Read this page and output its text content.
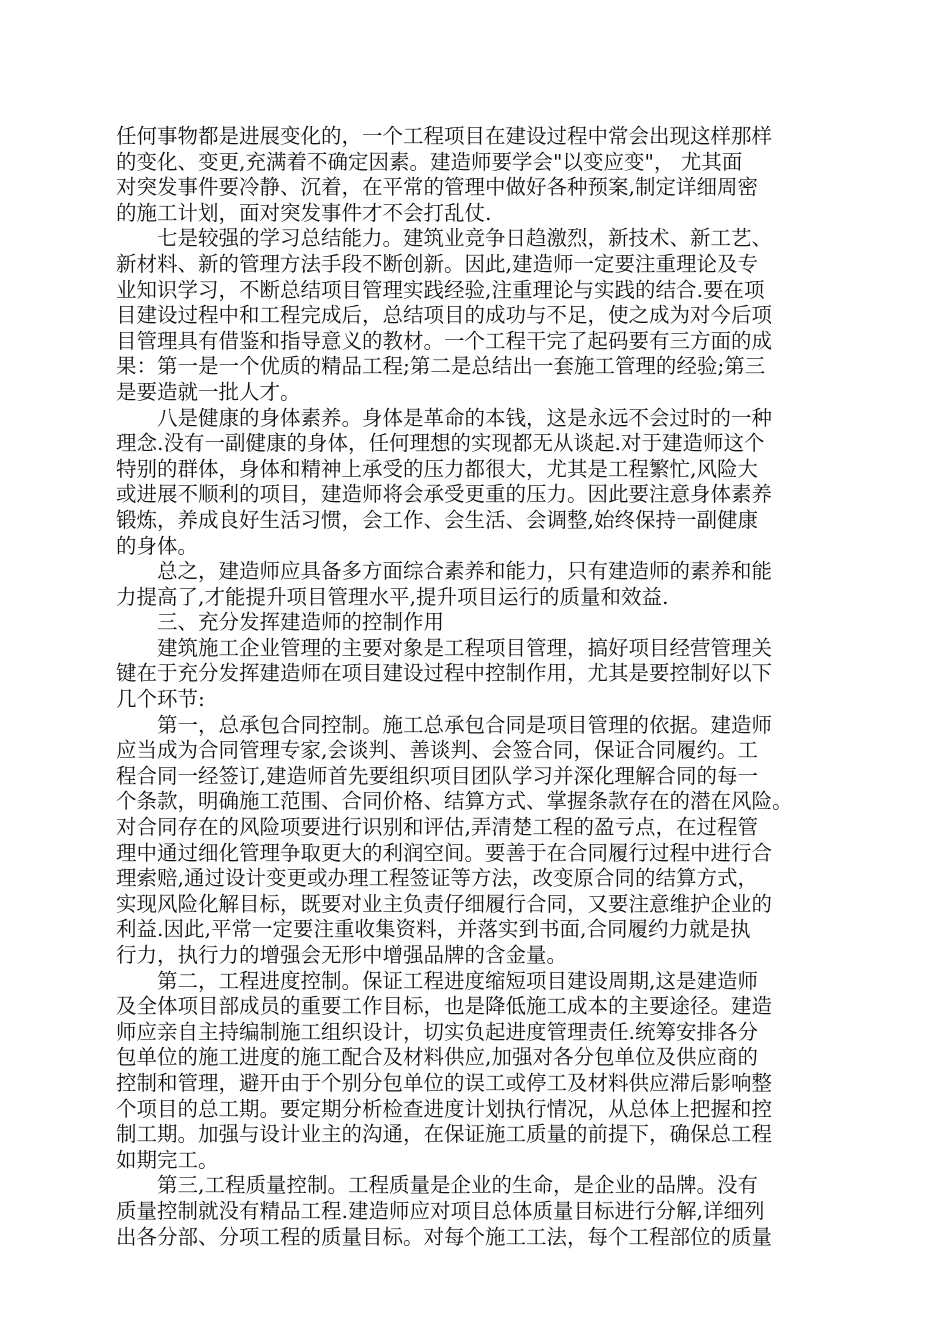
任何事物都是进展变化的，一个工程项目在建设过程中常会出现这样那样
的变化、变更,充满着不确定因素。建造师要学会"以变应变"， 尤其面
对突发事件要冷静、沉着，在平常的管理中做好各种预案,制定详细周密
的施工计划，面对突发事件才不会打乱仗.
七是较强的学习总结能力。建筑业竞争日趋激烈，新技术、新工艺、
新材料、新的管理方法手段不断创新。因此,建造师一定要注重理论及专
业知识学习，不断总结项目管理实践经验,注重理论与实践的结合.要在项
目建设过程中和工程完成后，总结项目的成功与不足，使之成为对今后项
目管理具有借鉴和指导意义的教材。一个工程干完了起码要有三方面的成
果：第一是一个优质的精品工程;第二是总结出一套施工管理的经验;第三
是要造就一批人才。
八是健康的身体素养。身体是革命的本钱，这是永远不会过时的一种
理念.没有一副健康的身体，任何理想的实现都无从谈起.对于建造师这个
特别的群体，身体和精神上承受的压力都很大，尤其是工程繁忙,风险大
或进展不顺利的项目，建造师将会承受更重的压力。因此要注意身体素养
锻炼，养成良好生活习惯，会工作、会生活、会调整,始终保持一副健康
的身体。
总之，建造师应具备多方面综合素养和能力，只有建造师的素养和能
力提高了,才能提升项目管理水平,提升项目运行的质量和效益.
三、充分发挥建造师的控制作用
建筑施工企业管理的主要对象是工程项目管理，搞好项目经营管理关
键在于充分发挥建造师在项目建设过程中控制作用，尤其是要控制好以下
几个环节:
第一，总承包合同控制。施工总承包合同是项目管理的依据。建造师
应当成为合同管理专家,会谈判、善谈判、会签合同，保证合同履约。工
程合同一经签订,建造师首先要组织项目团队学习并深化理解合同的每一
个条款，明确施工范围、合同价格、结算方式、掌握条款存在的潜在风险。
对合同存在的风险项要进行识别和评估,弄清楚工程的盈亏点，在过程管
理中通过细化管理争取更大的利润空间。要善于在合同履行过程中进行合
理索赔,通过设计变更或办理工程签证等方法，改变原合同的结算方式，
实现风险化解目标，既要对业主负责仔细履行合同，又要注意维护企业的
利益.因此,平常一定要注重收集资料，并落实到书面,合同履约力就是执
行力，执行力的增强会无形中增强品牌的含金量。
第二，工程进度控制。保证工程进度缩短项目建设周期,这是建造师
及全体项目部成员的重要工作目标，也是降低施工成本的主要途径。建造
师应亲自主持编制施工组织设计，切实负起进度管理责任.统筹安排各分
包单位的施工进度的施工配合及材料供应,加强对各分包单位及供应商的
控制和管理，避开由于个别分包单位的误工或停工及材料供应滞后影响整
个项目的总工期。要定期分析检查进度计划执行情况，从总体上把握和控
制工期。加强与设计业主的沟通，在保证施工质量的前提下，确保总工程
如期完工。
第三,工程质量控制。工程质量是企业的生命，是企业的品牌。没有
质量控制就没有精品工程.建造师应对项目总体质量目标进行分解,详细列
出各分部、分项工程的质量目标。对每个施工工法，每个工程部位的质量
